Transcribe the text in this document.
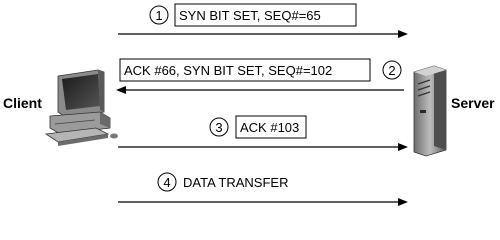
Client	Server
1 SYN BIT SET, SEQ#=65
ACK #66, SYN BIT SET, SEQ#=102	2
3 ACK #103
4 DATA TRANSFER
